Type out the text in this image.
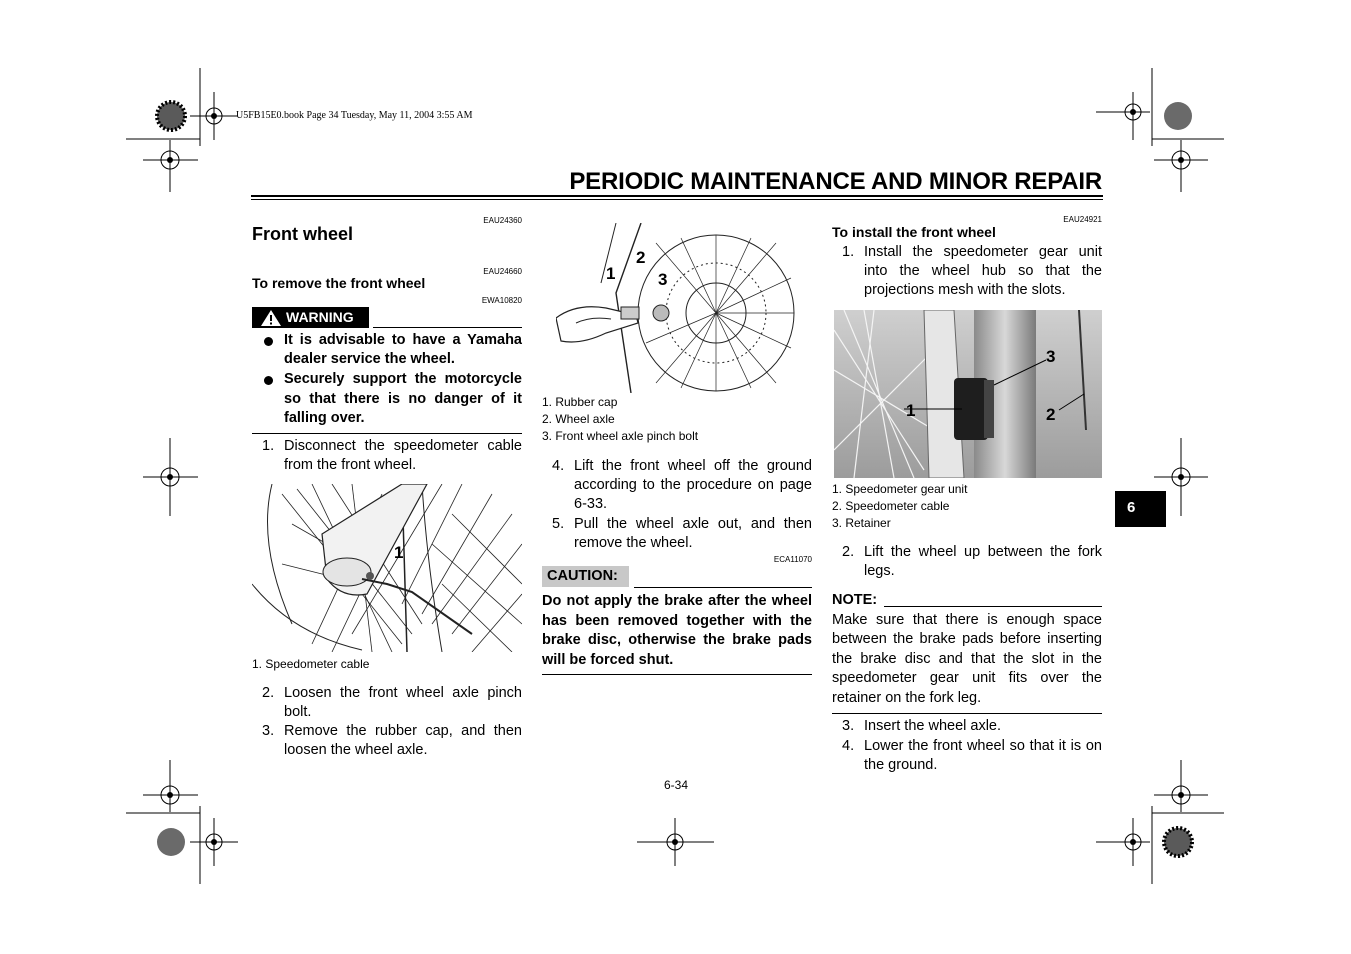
U5FB15E0.book Page 34 Tuesday, May 11, 2004 3:55 AM
PERIODIC MAINTENANCE AND MINOR REPAIR
EAU24360
Front wheel
EAU24660
To remove the front wheel
EWA10820
WARNING
It is advisable to have a Yamaha dealer service the wheel.
Securely support the motorcycle so that there is no danger of it falling over.
1. Disconnect the speedometer cable from the front wheel.
1
1. Speedometer cable
2. Loosen the front wheel axle pinch bolt.
3. Remove the rubber cap, and then loosen the wheel axle.
1
2
3
1. Rubber cap
2. Wheel axle
3. Front wheel axle pinch bolt
4. Lift the front wheel off the ground according to the procedure on page 6-33.
5. Pull the wheel axle out, and then remove the wheel.
ECA11070
CAUTION:
Do not apply the brake after the wheel has been removed together with the brake disc, otherwise the brake pads will be forced shut.
6-34
EAU24921
To install the front wheel
1. Install the speedometer gear unit into the wheel hub so that the projections mesh with the slots.
1	2
3
1. Speedometer gear unit
2. Speedometer cable
3. Retainer
2. Lift the wheel up between the fork legs.
NOTE:
Make sure that there is enough space between the brake pads before inserting the brake disc and that the slot in the speedometer gear unit fits over the retainer on the fork leg.
3. Insert the wheel axle.
4. Lower the front wheel so that it is on the ground.
6
